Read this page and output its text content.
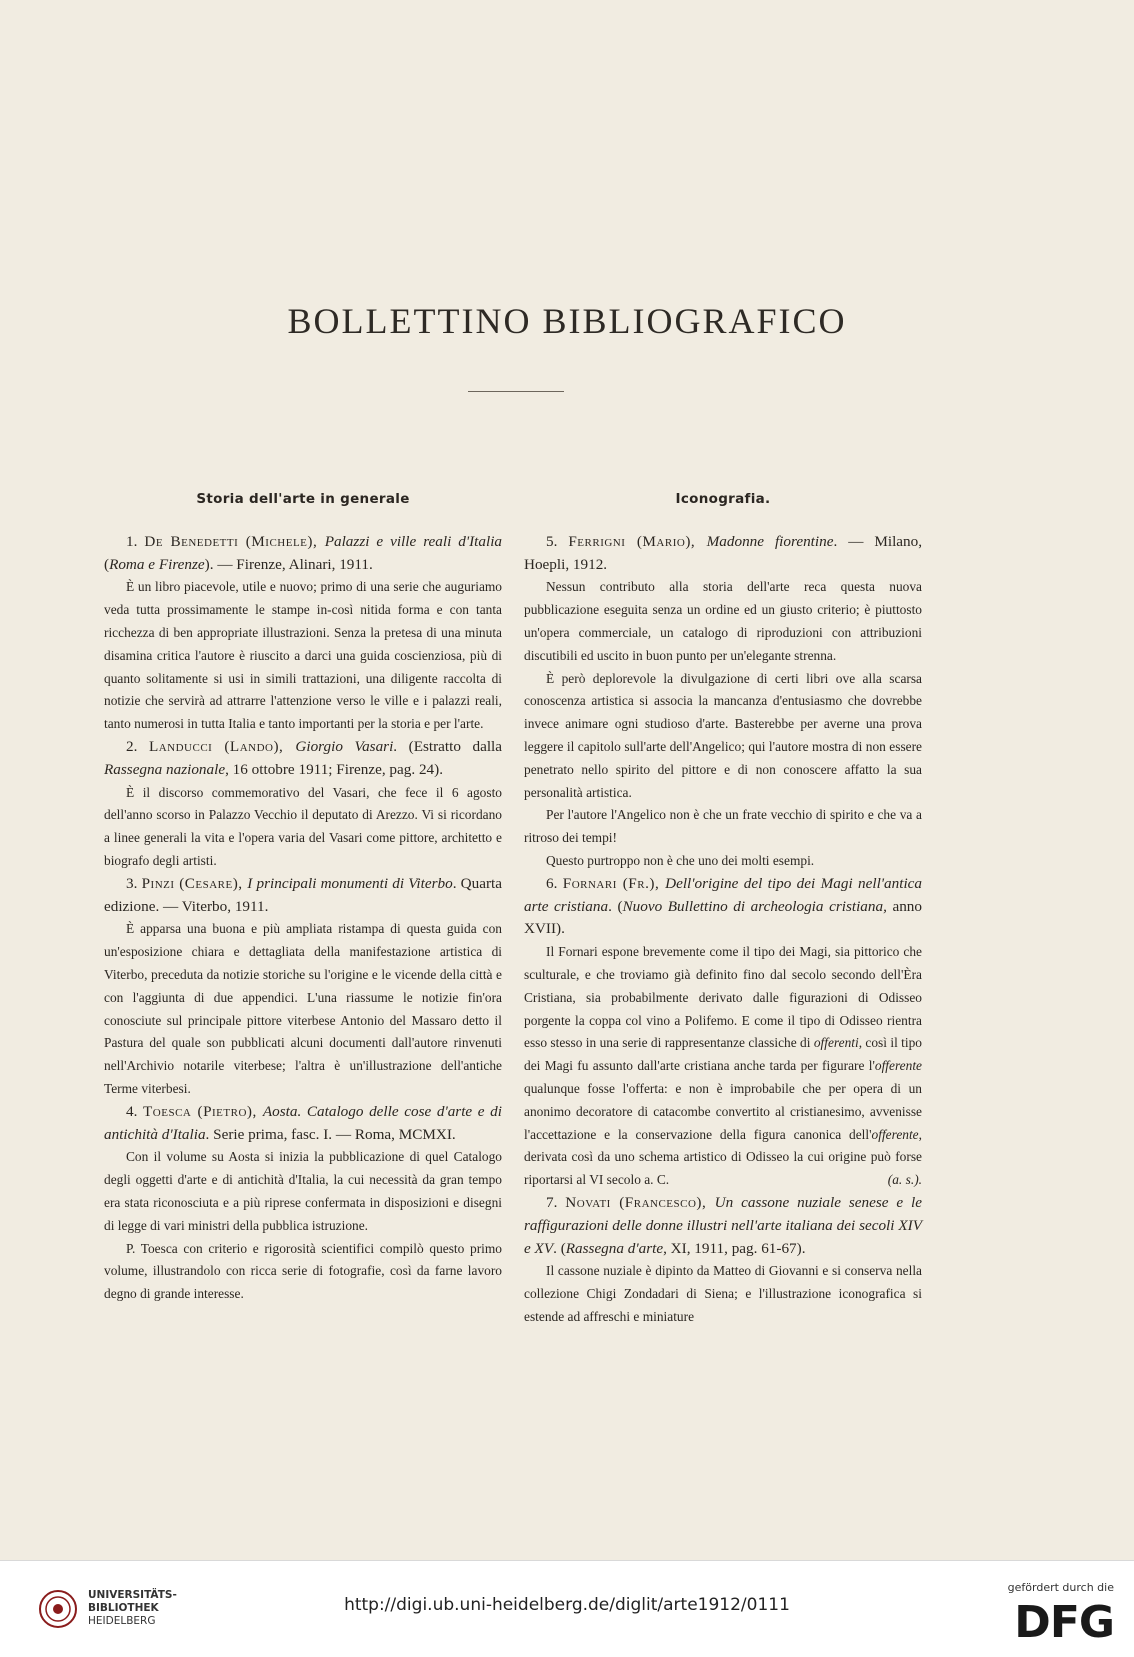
BOLLETTINO BIBLIOGRAFICO
Storia dell'arte in generale

1. De Benedetti (Michele), Palazzi e ville reali d'Italia (Roma e Firenze). — Firenze, Alinari, 1911.

È un libro piacevole, utile e nuovo; primo di una serie che auguriamo veda tutta prossimamente le stampe in-così nitida forma e con tanta ricchezza di ben appropriate illustrazioni. Senza la pretesa di una minuta disamina critica l'autore è riuscito a darci una guida coscienziosa, più di quanto solitamente si usi in simili trattazioni, una diligente raccolta di notizie che servirà ad attrarre l'attenzione verso le ville e i palazzi reali, tanto numerosi in tutta Italia e tanto importanti per la storia e per l'arte.

2. Landucci (Lando), Giorgio Vasari. (Estratto dalla Rassegna nazionale, 16 ottobre 1911; Firenze, pag. 24).

È il discorso commemorativo del Vasari, che fece il 6 agosto dell'anno scorso in Palazzo Vecchio il deputato di Arezzo. Vi si ricordano a linee generali la vita e l'opera varia del Vasari come pittore, architetto e biografo degli artisti.

3. Pinzi (Cesare), I principali monumenti di Viterbo. Quarta edizione. — Viterbo, 1911.

È apparsa una buona e più ampliata ristampa di questa guida con un'esposizione chiara e dettagliata della manifestazione artistica di Viterbo, preceduta da notizie storiche su l'origine e le vicende della città e con l'aggiunta di due appendici. L'una riassume le notizie fin'ora conosciute sul principale pittore viterbese Antonio del Massaro detto il Pastura del quale son pubblicati alcuni documenti dall'autore rinvenuti nell'Archivio notarile viterbese; l'altra è un'illustrazione dell'antiche Terme viterbesi.

4. Toesca (Pietro), Aosta. Catalogo delle cose d'arte e di antichità d'Italia. Serie prima, fasc. I. — Roma, MCMXI.

Con il volume su Aosta si inizia la pubblicazione di quel Catalogo degli oggetti d'arte e di antichità d'Italia, la cui necessità da gran tempo era stata riconosciuta e a più riprese confermata in disposizioni e disegni di legge di vari ministri della pubblica istruzione.

P. Toesca con criterio e rigorosità scientifici compilò questo primo volume, illustrandolo con ricca serie di fotografie, così da farne lavoro degno di grande interesse.

Iconografia.

5. Ferrigni (Mario), Madonne fiorentine. — Milano, Hoepli, 1912.

Nessun contributo alla storia dell'arte reca questa nuova pubblicazione eseguita senza un ordine ed un giusto criterio; è piuttosto un'opera commerciale, un catalogo di riproduzioni con attribuzioni discutibili ed uscito in buon punto per un'elegante strenna.

È però deplorevole la divulgazione di certi libri ove alla scarsa conoscenza artistica si associa la mancanza d'entusiasmo che dovrebbe invece animare ogni studioso d'arte. Basterebbe per averne una prova leggere il capitolo sull'arte dell'Angelico; qui l'autore mostra di non essere penetrato nello spirito del pittore e di non conoscere affatto la sua personalità artistica.

Per l'autore l'Angelico non è che un frate vecchio di spirito e che va a ritroso dei tempi!

Questo purtroppo non è che uno dei molti esempi.

6. Fornari (Fr.), Dell'origine del tipo dei Magi nell'antica arte cristiana. (Nuovo Bullettino di archeologia cristiana, anno XVII).

Il Fornari espone brevemente come il tipo dei Magi, sia pittorico che sculturale, e che troviamo già definito fino dal secolo secondo dell'Èra Cristiana, sia probabilmente derivato dalle figurazioni di Odisseo porgente la coppa col vino a Polifemo. E come il tipo di Odisseo rientra esso stesso in una serie di rappresentanze classiche di offerenti, così il tipo dei Magi fu assunto dall'arte cristiana anche tarda per figurare l'offerente qualunque fosse l'offerta: e non è improbabile che per opera di un anonimo decoratore di catacombe convertito al cristianesimo, avvenisse l'accettazione e la conservazione della figura canonica dell'offerente, derivata così da uno schema artistico di Odisseo la cui origine può forse riportarsi al VI secolo a. C.	(a. s.).

7. Novati (Francesco), Un cassone nuziale senese e le raffigurazioni delle donne illustri nell'arte italiana dei secoli XIV e XV. (Rassegna d'arte, XI, 1911, pag. 61-67).

Il cassone nuziale è dipinto da Matteo di Giovanni e si conserva nella collezione Chigi Zondadari di Siena; e l'illustrazione iconografica si estende ad affreschi e miniature

UNIVERSITÄTS-
BIBLIOTHEK
HEIDELBERG
http://digi.ub.uni-heidelberg.de/diglit/arte1912/0111
gefördert durch die
DFG
